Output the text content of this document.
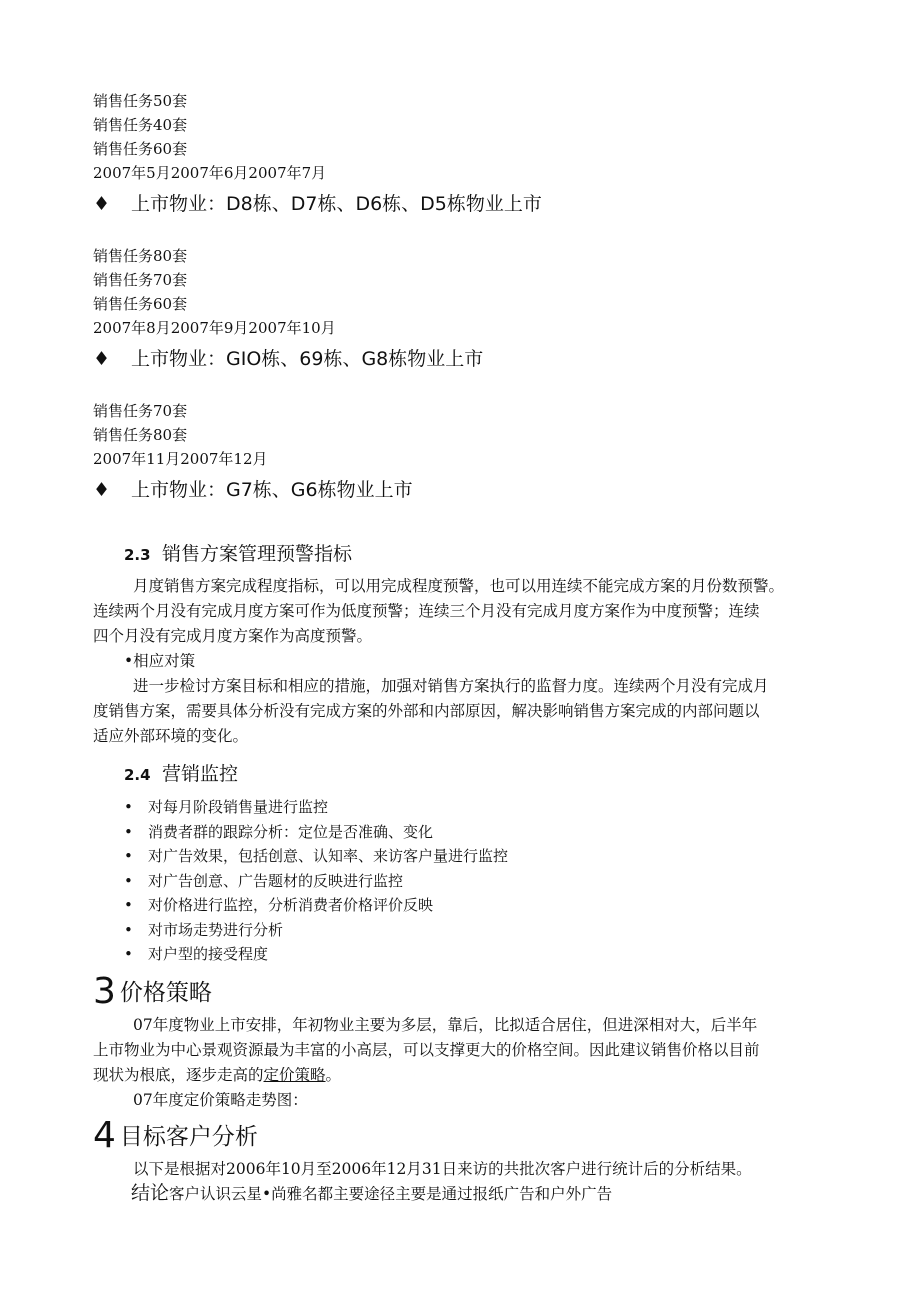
销售任务50套
销售任务40套
销售任务60套
2007年5月2007年6月2007年7月
♦ 上市物业：D8栋、D7栋、D6栋、D5栋物业上市
销售任务80套
销售任务70套
销售任务60套
2007年8月2007年9月2007年10月
♦ 上市物业：GIO栋、69栋、G8栋物业上市
销售任务70套
销售任务80套
2007年11月2007年12月
♦ 上市物业：G7栋、G6栋物业上市
2.3 销售方案管理预警指标
月度销售方案完成程度指标，可以用完成程度预警，也可以用连续不能完成方案的月份数预警。
连续两个月没有完成月度方案可作为低度预警；连续三个月没有完成月度方案作为中度预警；连续
四个月没有完成月度方案作为高度预警。
•相应对策
进一步检讨方案目标和相应的措施，加强对销售方案执行的监督力度。连续两个月没有完成月
度销售方案，需要具体分析没有完成方案的外部和内部原因，解决影响销售方案完成的内部问题以
适应外部环境的变化。
2.4 营销监控
• 对每月阶段销售量进行监控
• 消费者群的跟踪分析：定位是否准确、变化
• 对广告效果，包括创意、认知率、来访客户量进行监控
• 对广告创意、广告题材的反映进行监控
• 对价格进行监控，分析消费者价格评价反映
• 对市场走势进行分析
• 对户型的接受程度
3 价格策略
07年度物业上市安排，年初物业主要为多层，靠后，比拟适合居住，但进深相对大，后半年
上市物业为中心景观资源最为丰富的小高层，可以支撑更大的价格空间。因此建议销售价格以目前
现状为根底，逐步走高的定价策略。
07年度定价策略走势图：
4 目标客户分析
以下是根据对2006年10月至2006年12月31日来访的共批次客户进行统计后的分析结果。
结论客户认识云星•尚雅名都主要途径主要是通过报纸广告和户外广告
